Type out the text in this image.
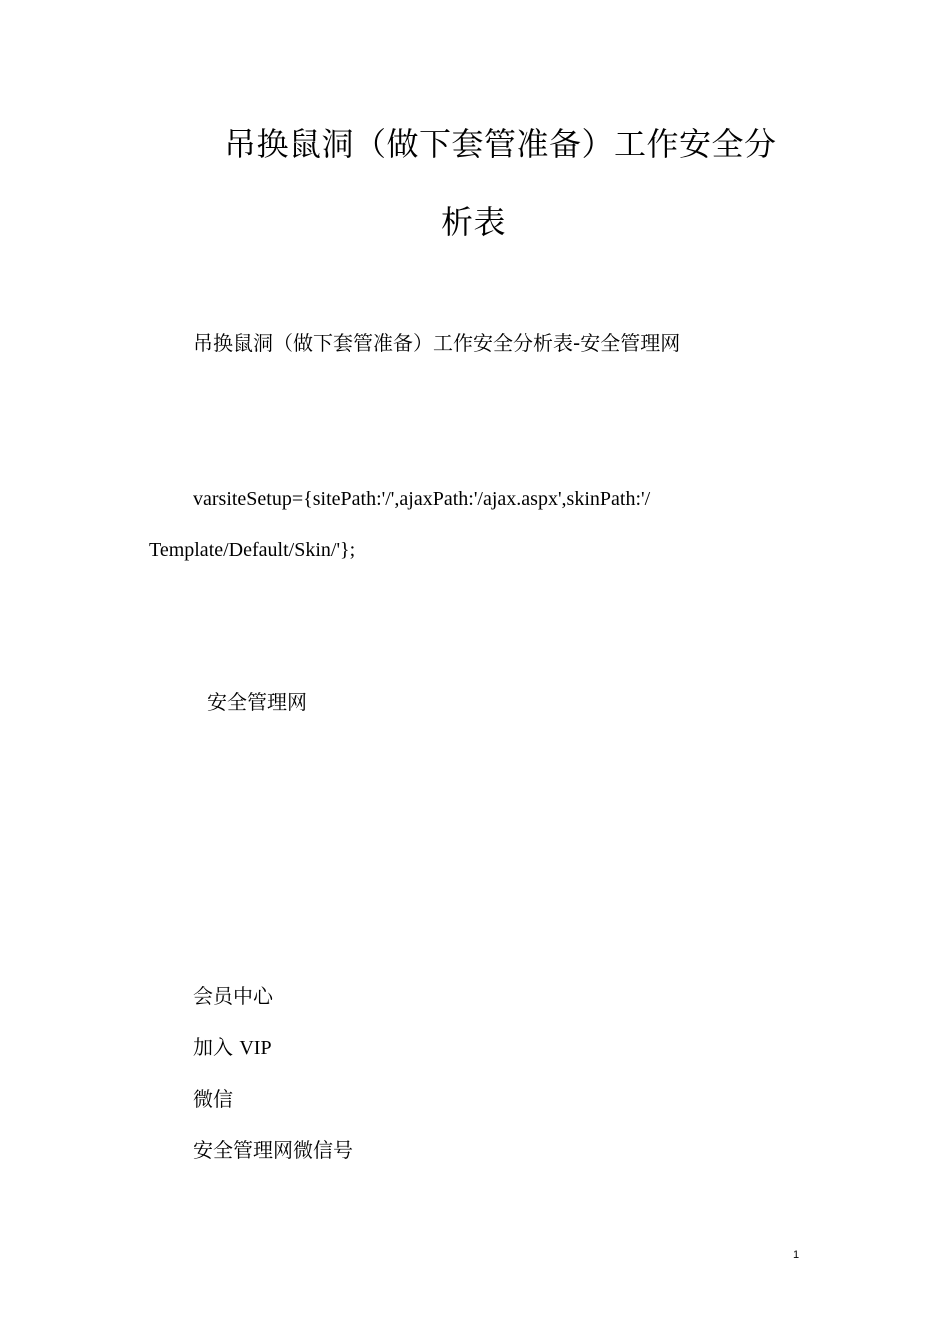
吊换鼠洞（做下套管准备）工作安全分
析表
吊换鼠洞（做下套管准备）工作安全分析表-安全管理网
varsiteSetup={sitePath:'/',ajaxPath:'/ajax.aspx',skinPath:'/
Template/Default/Skin/'};
安全管理网
会员中心
加入 VIP
微信
安全管理网微信号
1
